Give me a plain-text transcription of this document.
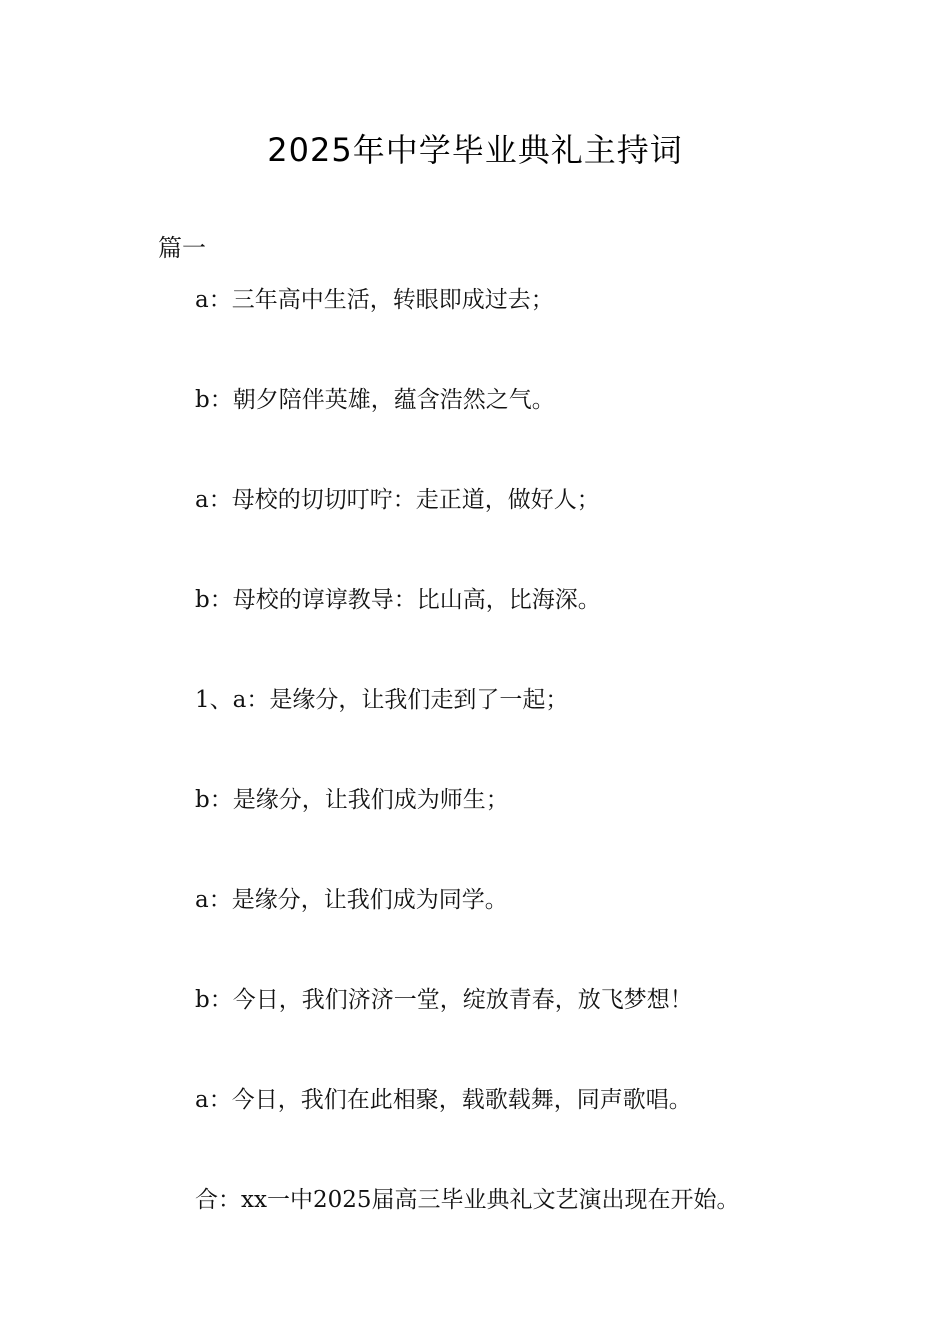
2025年中学毕业典礼主持词
篇一
a：三年高中生活，转眼即成过去；
b：朝夕陪伴英雄，蕴含浩然之气。
a：母校的切切叮咛：走正道，做好人；
b：母校的谆谆教导：比山高，比海深。
1、a：是缘分，让我们走到了一起；
b：是缘分，让我们成为师生；
a：是缘分，让我们成为同学。
b：今日，我们济济一堂，绽放青春，放飞梦想！
a：今日，我们在此相聚，载歌载舞，同声歌唱。
合：xx一中2025届高三毕业典礼文艺演出现在开始。
